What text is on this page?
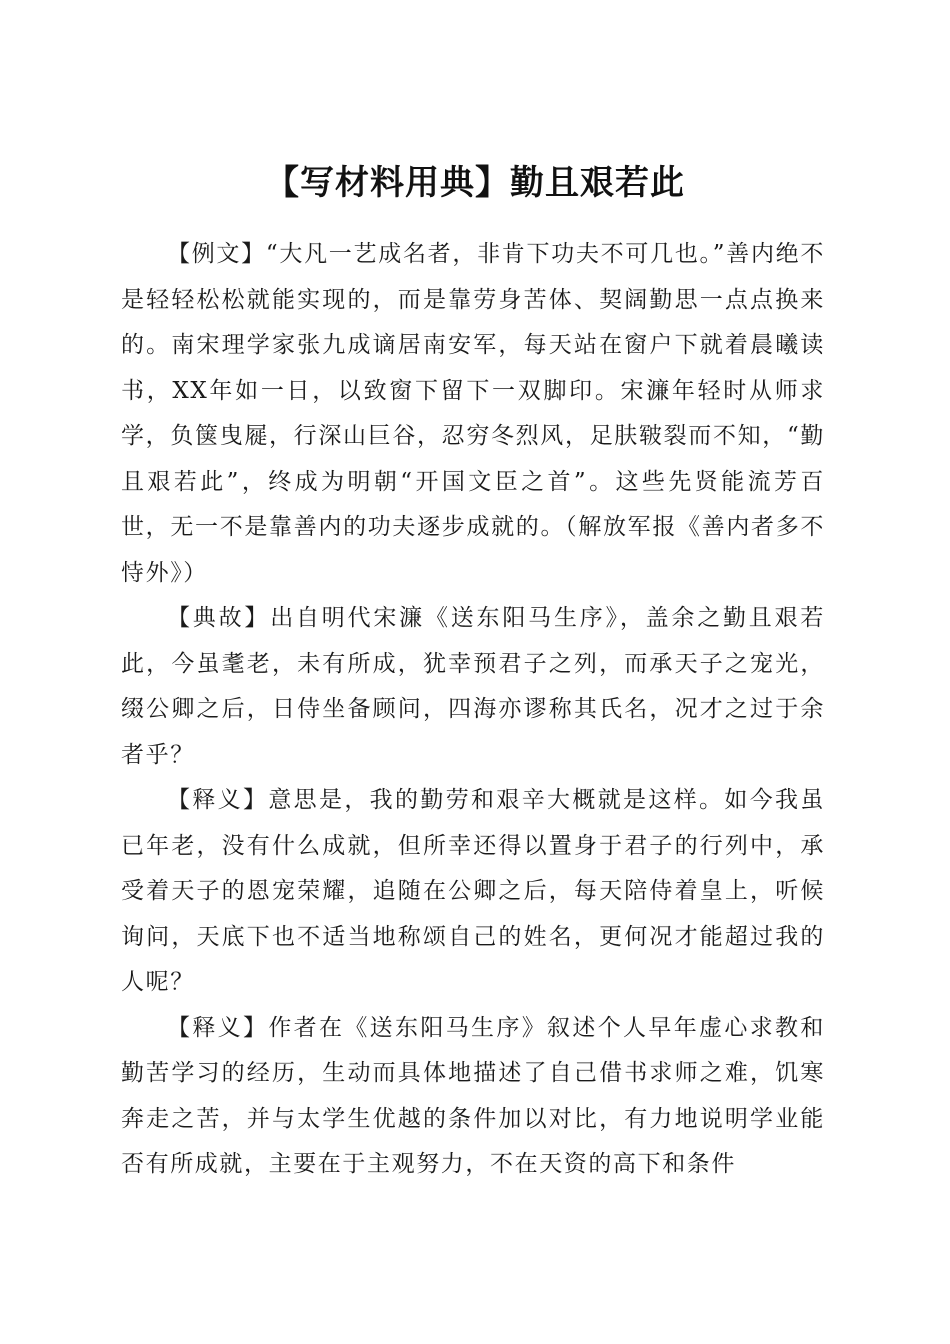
【写材料用典】勤且艰若此

【例文】“大凡一艺成名者，非肯下功夫不可几也。”善内绝不是轻轻松松就能实现的，而是靠劳身苦体、契阔勤思一点点换来的。南宋理学家张九成谪居南安军，每天站在窗户下就着晨曦读书，XX年如一日，以致窗下留下一双脚印。宋濂年轻时从师求学，负箧曳屣，行深山巨谷，忍穷冬烈风，足肤皲裂而不知，“勤且艰若此”，终成为明朝“开国文臣之首”。这些先贤能流芳百世，无一不是靠善内的功夫逐步成就的。（解放军报《善内者多不恃外》）

【典故】出自明代宋濂《送东阳马生序》，盖余之勤且艰若此，今虽耄老，未有所成，犹幸预君子之列，而承天子之宠光，缀公卿之后，日侍坐备顾问，四海亦谬称其氏名，况才之过于余者乎？

【释义】意思是，我的勤劳和艰辛大概就是这样。如今我虽已年老，没有什么成就，但所幸还得以置身于君子的行列中，承受着天子的恩宠荣耀，追随在公卿之后，每天陪侍着皇上，听候询问，天底下也不适当地称颂自己的姓名，更何况才能超过我的人呢？

【释义】作者在《送东阳马生序》叙述个人早年虚心求教和勤苦学习的经历，生动而具体地描述了自己借书求师之难，饥寒奔走之苦，并与太学生优越的条件加以对比，有力地说明学业能否有所成就，主要在于主观努力，不在天资的高下和条件
